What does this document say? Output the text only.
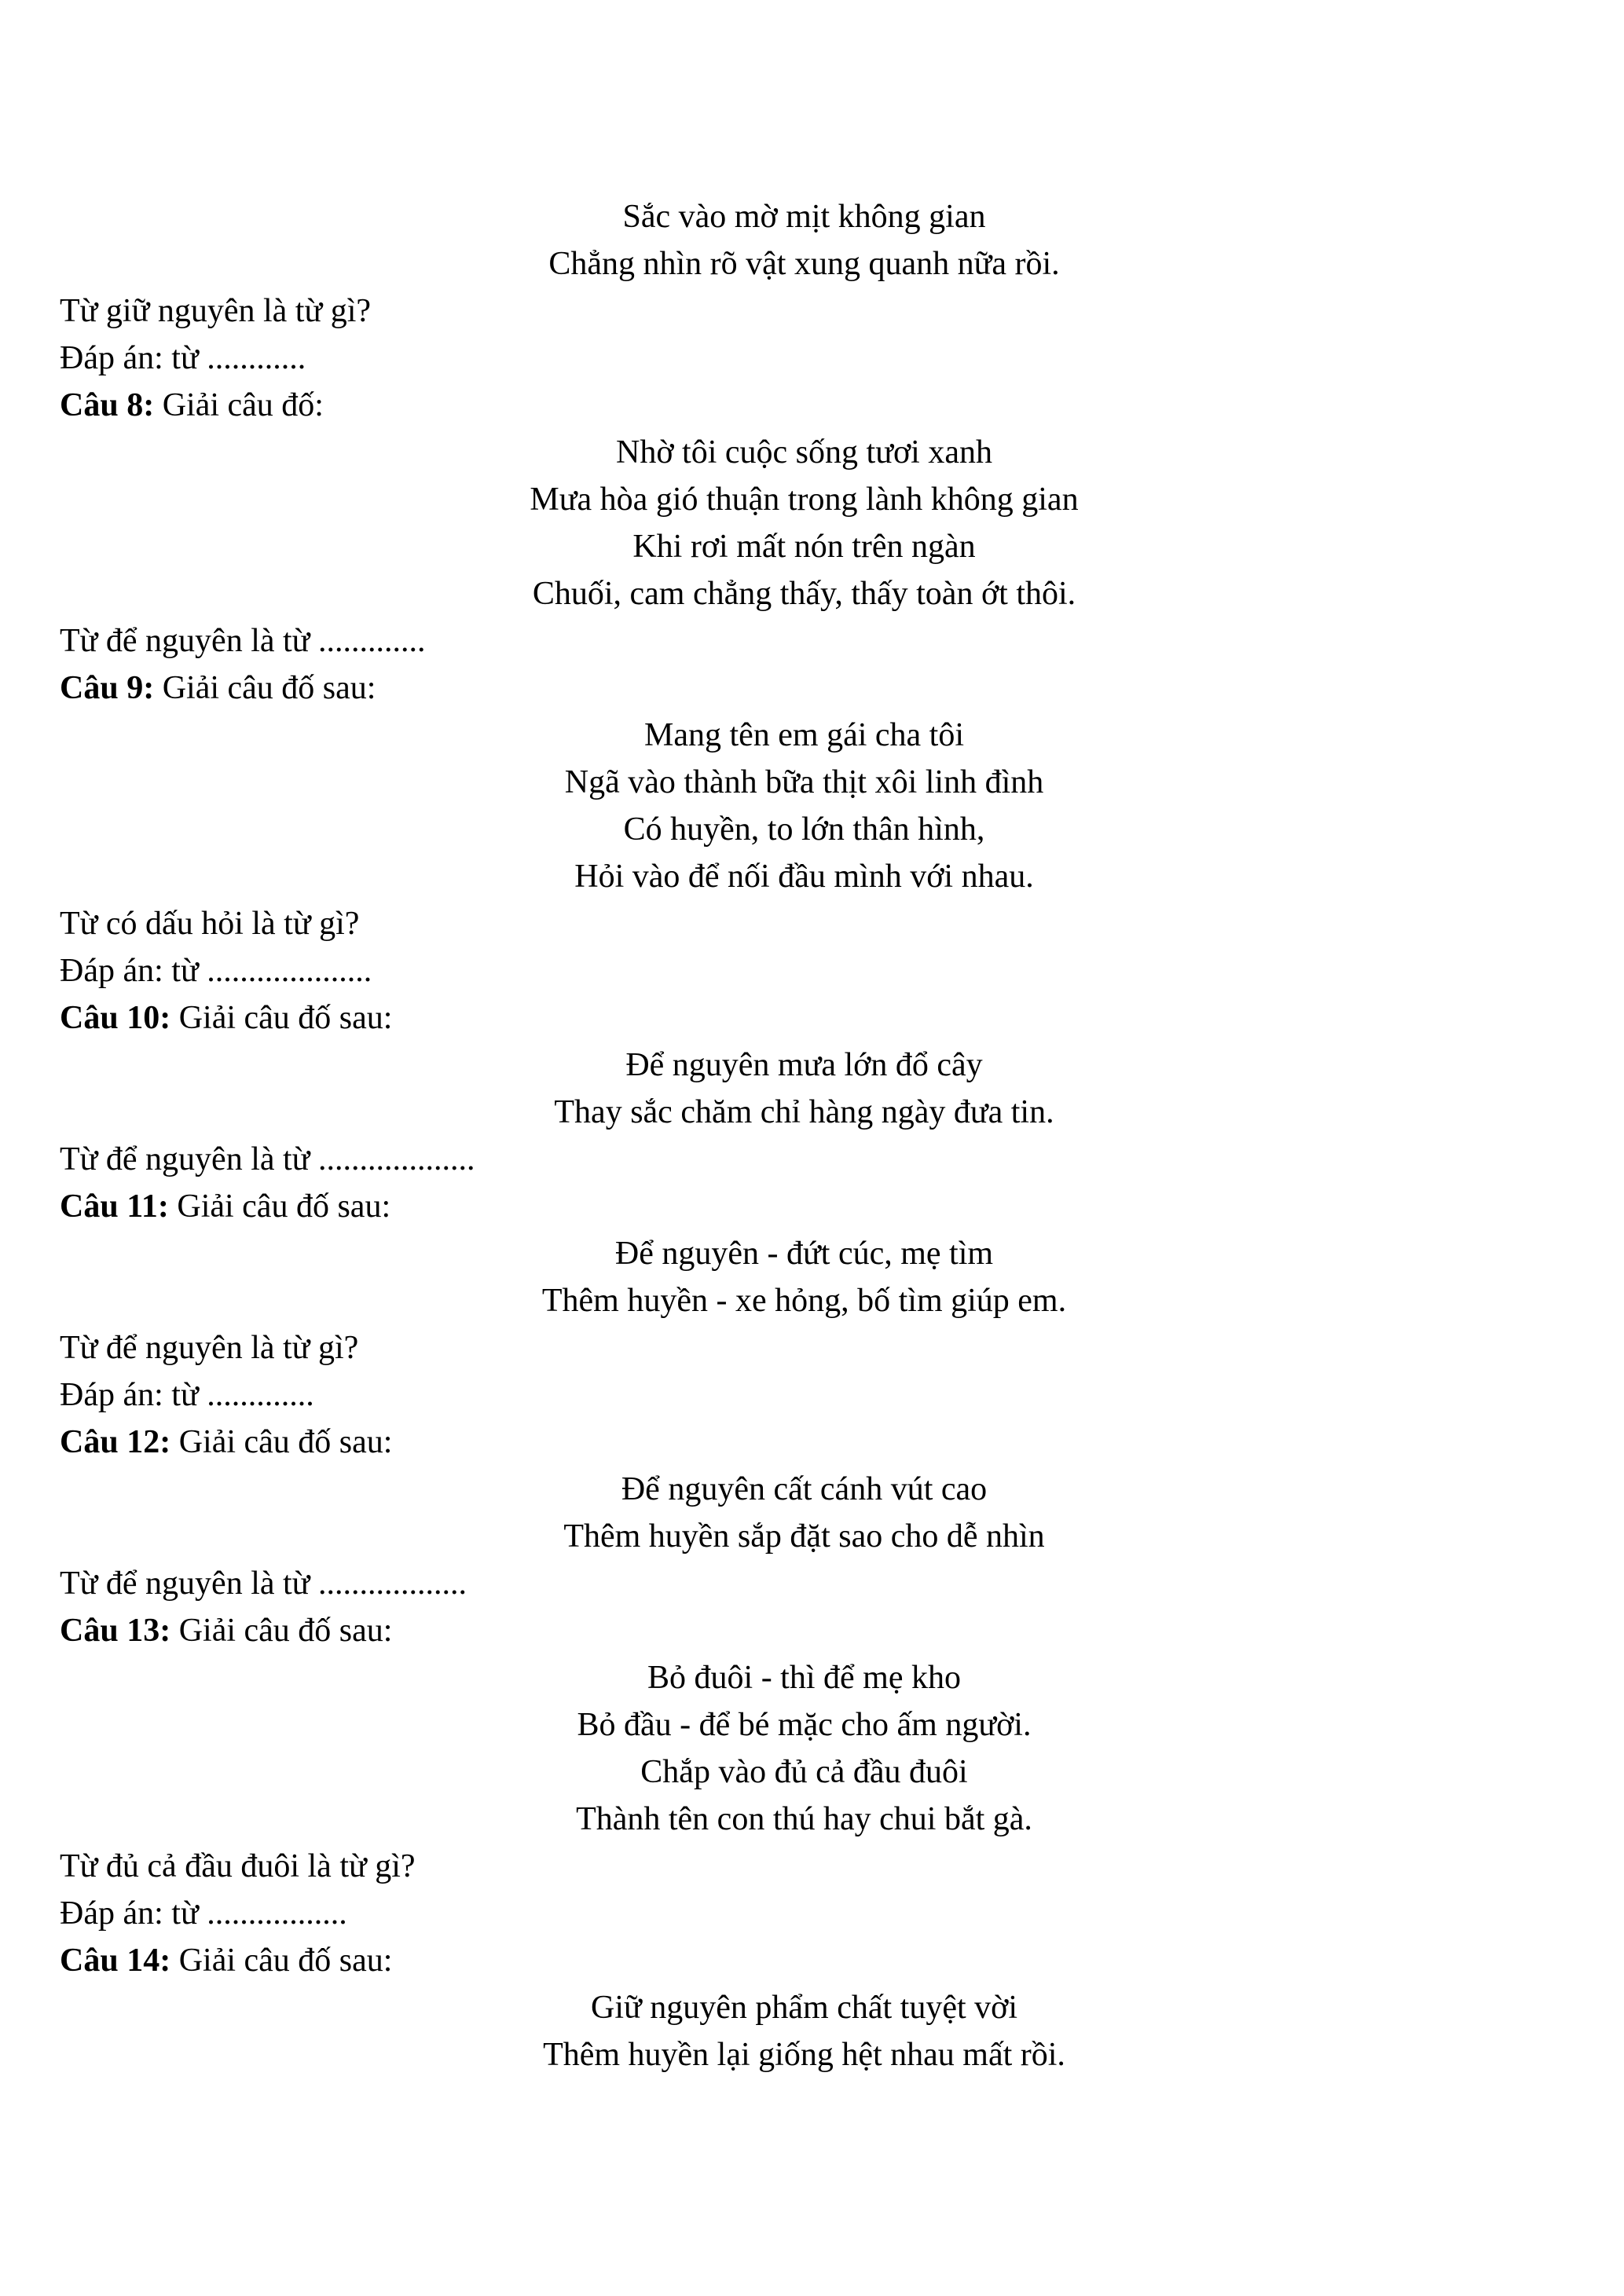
Sắc vào mờ mịt không gian
Chẳng nhìn rõ vật xung quanh nữa rồi.
Từ giữ nguyên là từ gì?
Đáp án: từ ............
Câu 8: Giải câu đố:
Nhờ tôi cuộc sống tươi xanh
Mưa hòa gió thuận trong lành không gian
Khi rơi mất nón trên ngàn
Chuối, cam chẳng thấy, thấy toàn ớt thôi.
Từ để nguyên là từ .............
Câu 9: Giải câu đố sau:
Mang tên em gái cha tôi
Ngã vào thành bữa thịt xôi linh đình
Có huyền, to lớn thân hình,
Hỏi vào để nối đầu mình với nhau.
Từ có dấu hỏi là từ gì?
Đáp án: từ ....................
Câu 10: Giải câu đố sau:
Để nguyên mưa lớn đổ cây
Thay sắc chăm chỉ hàng ngày đưa tin.
Từ để nguyên là từ ...................
Câu 11: Giải câu đố sau:
Để nguyên - đứt cúc, mẹ tìm
Thêm huyền - xe hỏng, bố tìm giúp em.
Từ để nguyên là từ gì?
Đáp án: từ .............
Câu 12: Giải câu đố sau:
Để nguyên cất cánh vút cao
Thêm huyền sắp đặt sao cho dễ nhìn
Từ để nguyên là từ ..................
Câu 13: Giải câu đố sau:
Bỏ đuôi - thì để mẹ kho
Bỏ đầu - để bé mặc cho ấm người.
Chắp vào đủ cả đầu đuôi
Thành tên con thú hay chui bắt gà.
Từ đủ cả đầu đuôi là từ gì?
Đáp án: từ .................
Câu 14: Giải câu đố sau:
Giữ nguyên phẩm chất tuyệt vời
Thêm huyền lại giống hệt nhau mất rồi.
